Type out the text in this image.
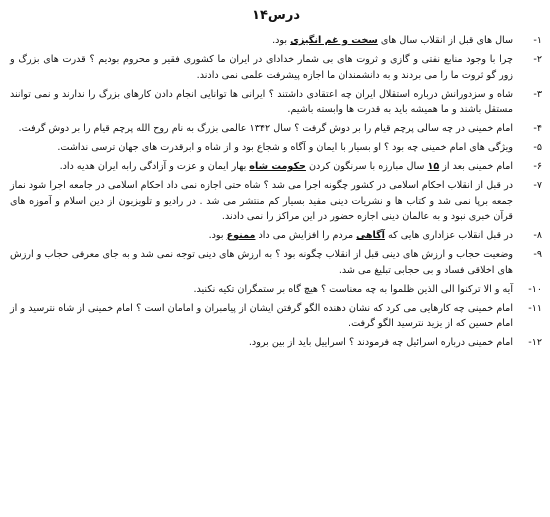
درس۱۴
۱-
سال های قبل از انقلاب سال های سخت و غم انگیزی بود.
۲-
چرا با وجود منابع نفتی و گازی و ثروت های بی شمار خدادای در ایران ما کشوری فقیر و محروم بودیم ؟ قدرت های بزرگ و زور گو ثروت ما را می بردند و به دانشمندان ما اجازه پیشرفت علمی نمی دادند.
۳-
شاه و سزدورانش درباره استقلال ایران چه اعتقادی داشتند ؟ ایرانی ها توانایی انجام دادن کارهای بزرگ را ندارند و نمی توانند مستقل باشند و ما همیشه باید به قدرت ها وابسته باشیم.
۴-
امام خمینی در چه سالی پرچم قیام را بر دوش گرفت ؟ سال ۱۳۴۲ عالمی بزرگ به نام روح الله پرچم قیام را بر دوش گرفت.
۵-
ویژگی های امام خمینی چه بود ؟ او بسیار با ایمان و آگاه و شجاع بود و از شاه و ابرقدرت های جهان ترسی نداشت.
۶-
امام خمینی بعد از ۱۵ سال مبارزه با سرنگون کردن حکومت شاه بهار ایمان و عزت و آزادگی رابه ایران هدیه داد.
۷-
در قبل از انقلاب احکام اسلامی در کشور چگونه اجرا می شد ؟ شاه حتی اجازه نمی داد احکام اسلامی در جامعه اجرا شود نماز جمعه برپا نمی شد و کتاب ها و نشریات دینی مفید بسیار کم منتشر می شد . در رادیو و تلویزیون از دین اسلام و آموزه های قرآن خبری نبود و به عالمان دینی اجازه حضور در این مراکز را نمی دادند.
۸-
در قبل انقلاب عزاداری هایی که آگاهی مردم را افزایش می داد ممنوع بود.
۹-
وضعیت حجاب و ارزش های دینی قبل از انقلاب چگونه بود ؟ به ارزش های دینی توجه نمی شد و به جای معرفی حجاب و ارزش های اخلاقی فساد و بی حجابی تبلیغ می شد.
۱۰-
آیه و الا ترکنوا الی الذین ظلموا به چه معناست ؟ هیچ گاه بر ستمگران تکیه نکنید.
۱۱-
امام خمینی چه کارهایی می کرد که نشان دهنده الگو گرفتن ایشان از پیامبران و امامان است ؟ امام خمینی از شاه نترسید و از امام حسین که از یزید نترسید الگو گرفت.
۱۲-
امام خمینی درباره اسرائیل چه فرمودند ؟ اسراییل باید از بین برود.
